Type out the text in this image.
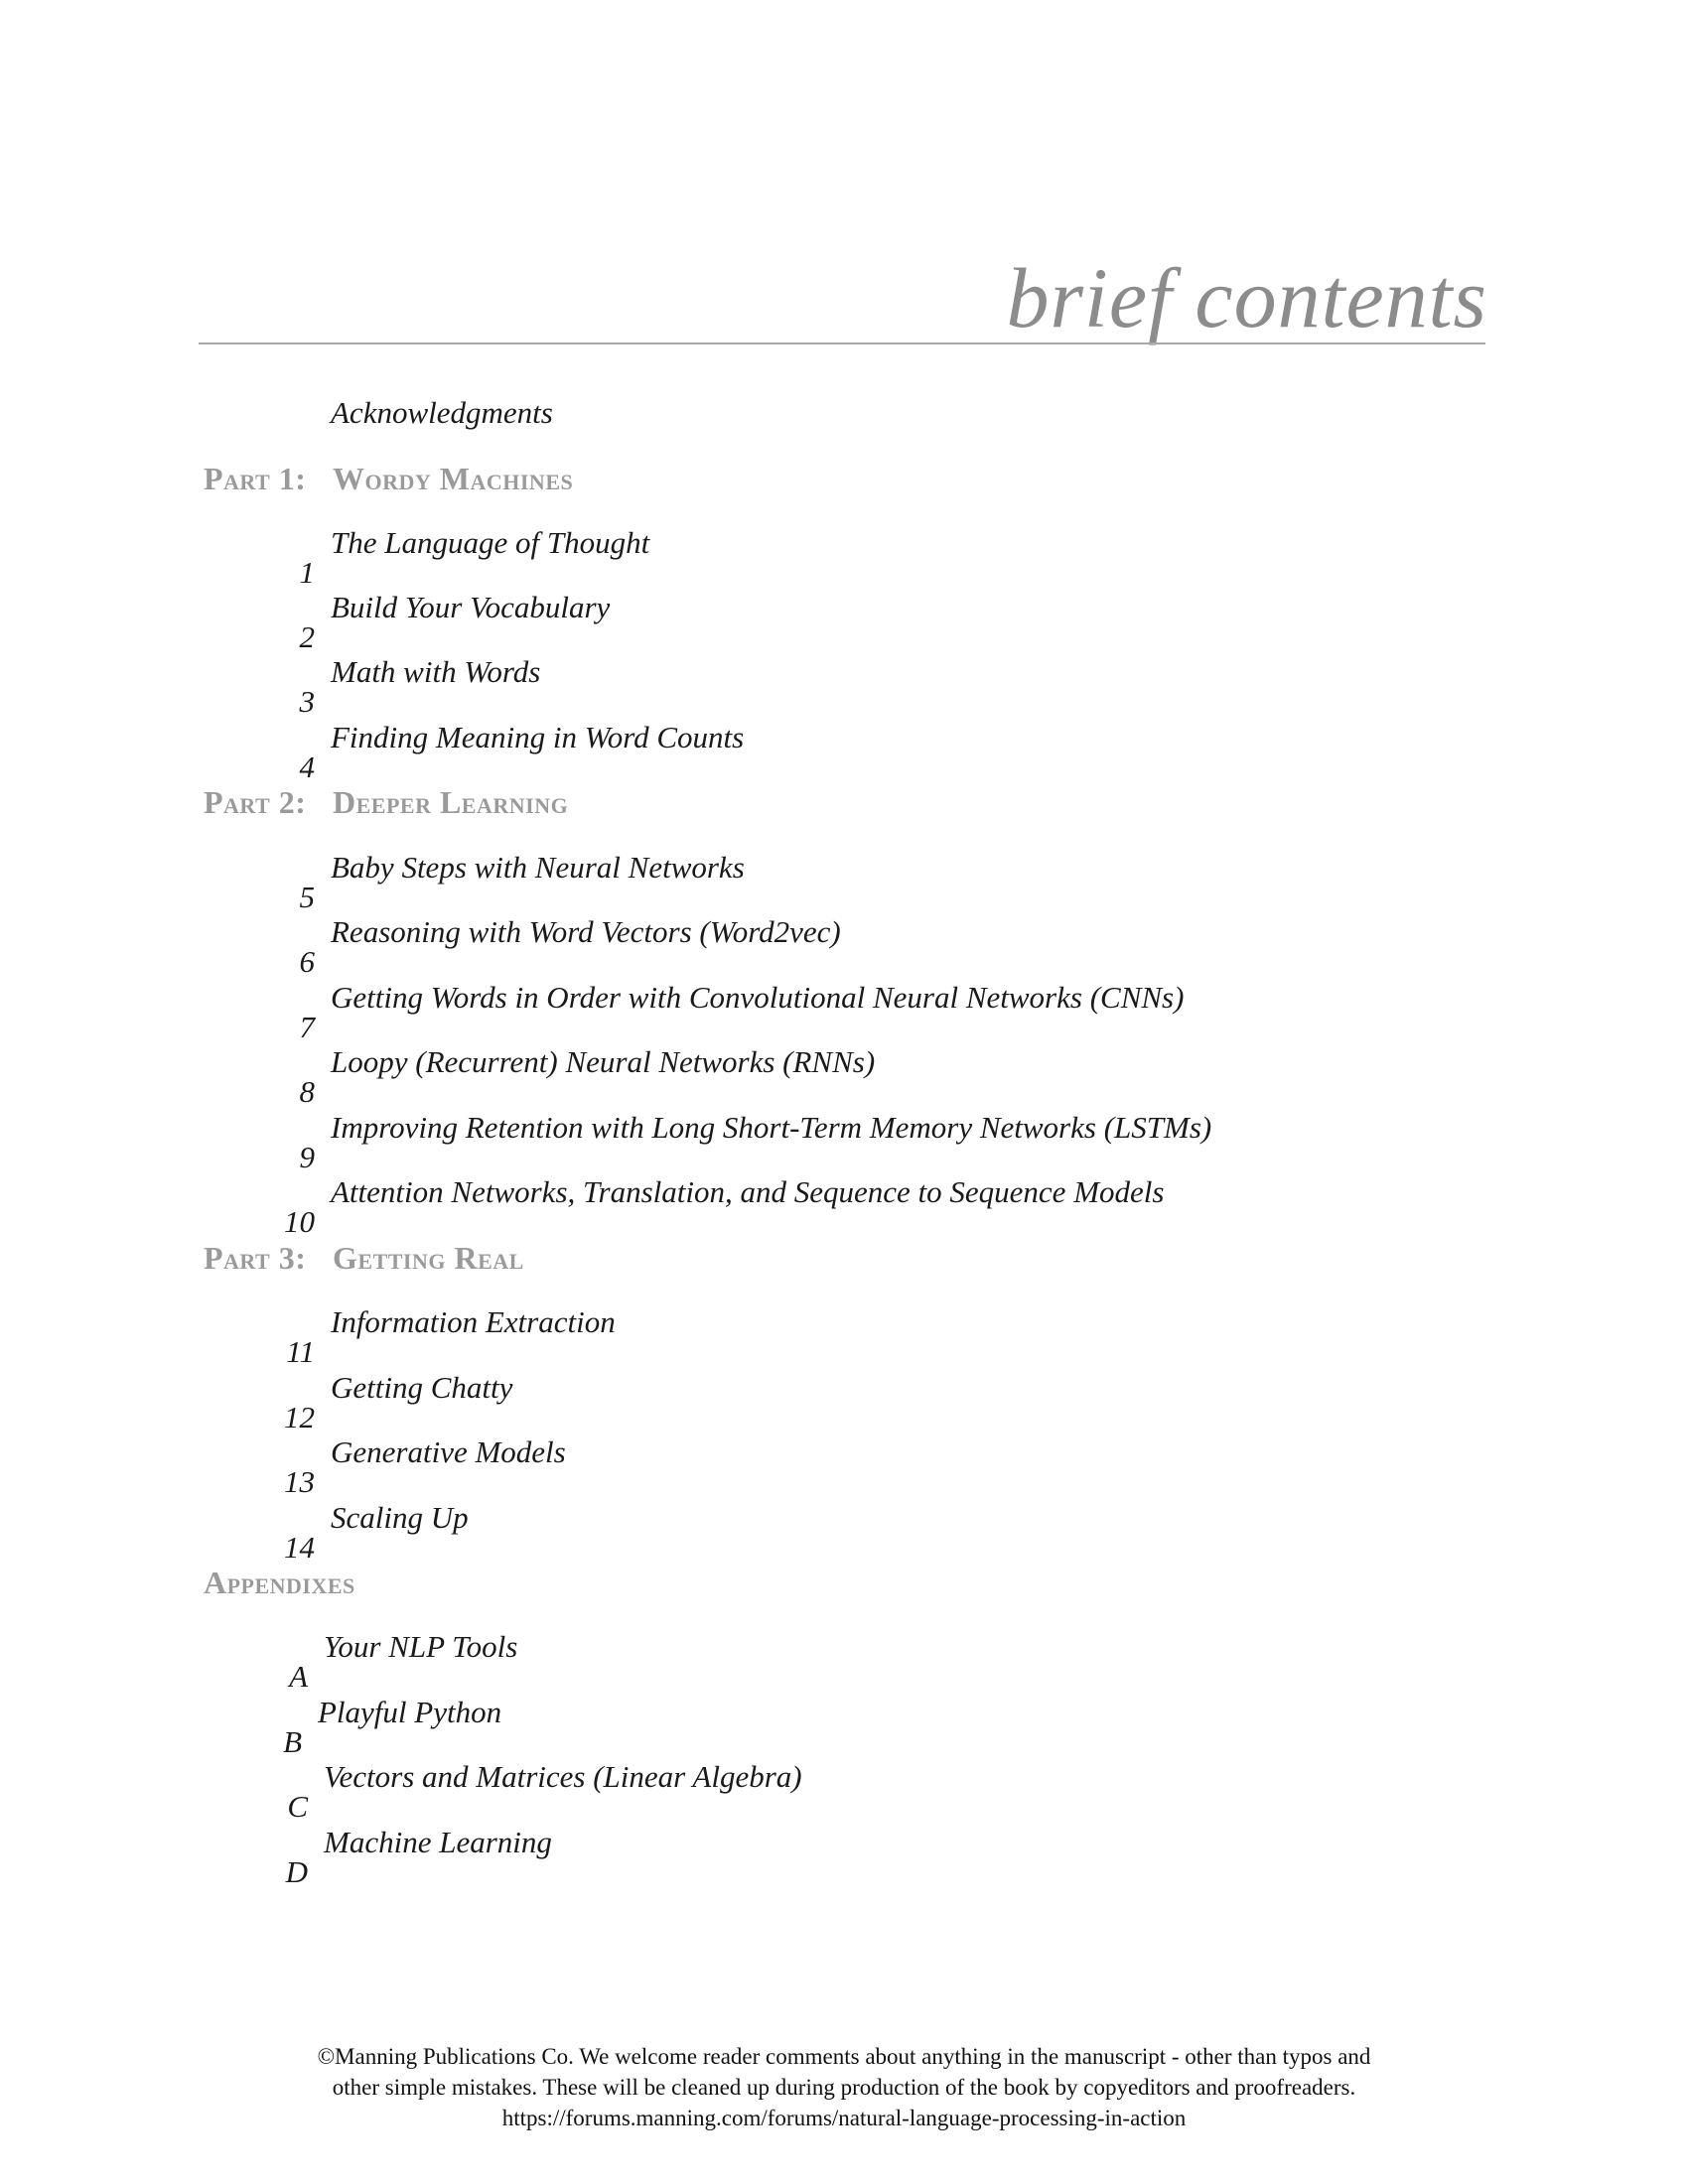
brief contents
Acknowledgments
Part 1: Wordy Machines
1
The Language of Thought
2
Build Your Vocabulary
3
Math with Words
4
Finding Meaning in Word Counts
Part 2: Deeper Learning
5
Baby Steps with Neural Networks
6
Reasoning with Word Vectors (Word2vec)
7
Getting Words in Order with Convolutional Neural Networks (CNNs)
8
Loopy (Recurrent) Neural Networks (RNNs)
9
Improving Retention with Long Short-Term Memory Networks (LSTMs)
10
Attention Networks, Translation, and Sequence to Sequence Models
Part 3: Getting Real
11
Information Extraction
12
Getting Chatty
13
Generative Models
14
Scaling Up
Appendixes
A
Your NLP Tools
B
Playful Python
C
Vectors and Matrices (Linear Algebra)
D
Machine Learning
©Manning Publications Co. We welcome reader comments about anything in the manuscript - other than typos and
other simple mistakes. These will be cleaned up during production of the book by copyeditors and proofreaders.
https://forums.manning.com/forums/natural-language-processing-in-action
